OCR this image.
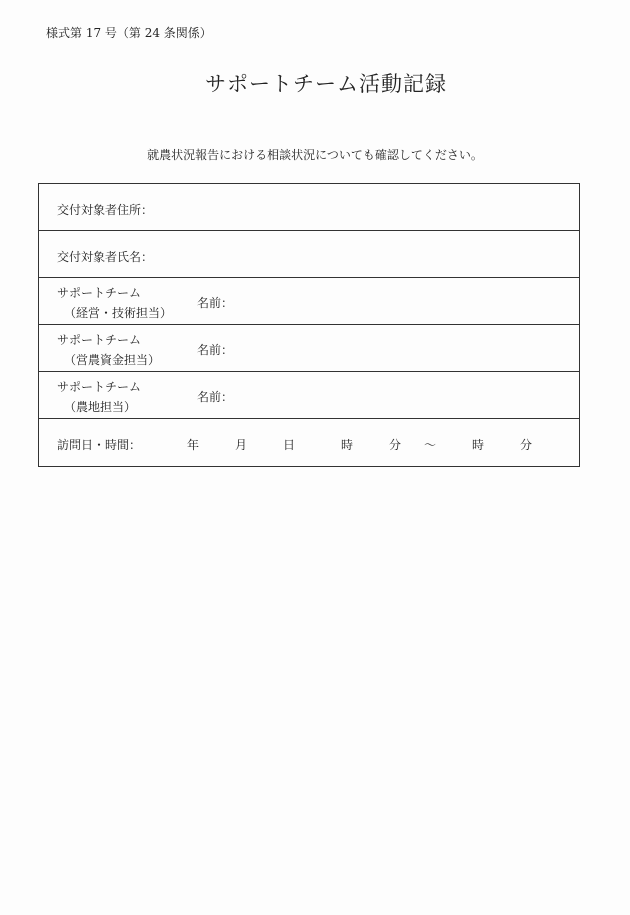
様式第 17 号（第 24 条関係）
サポートチーム活動記録
就農状況報告における相談状況についても確認してください。
交付対象者住所：
交付対象者氏名：
サポートチーム
（経営・技術担当）
名前：
サポートチーム
（営農資金担当）
名前：
サポートチーム
（農地担当）
名前：
訪問日・時間：	年	月	日	時	分 ～	時	分
